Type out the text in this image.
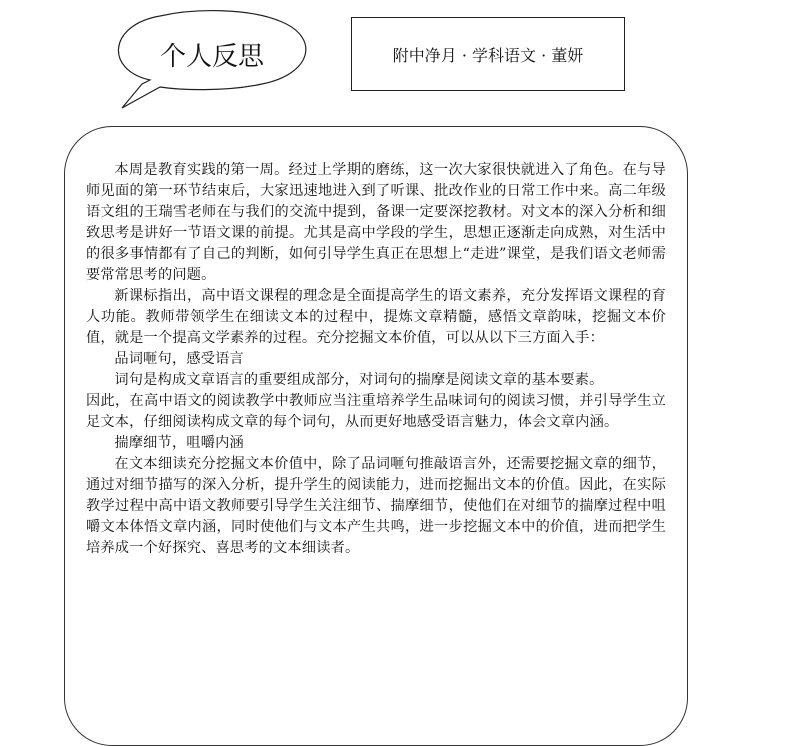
个人反思	附中净月 · 学科语文 · 董妍

本周是教育实践的第一周。经过上学期的磨练，这一次大家很快就进入了角色。在与导师见面的第一环节结束后，大家迅速地进入到了听课、批改作业的日常工作中来。高二年级语文组的王瑞雪老师在与我们的交流中提到，备课一定要深挖教材。对文本的深入分析和细致思考是讲好一节语文课的前提。尤其是高中学段的学生，思想正逐渐走向成熟，对生活中的很多事情都有了自己的判断，如何引导学生真正在思想上“走进”课堂，是我们语文老师需要常常思考的问题。

新课标指出，高中语文课程的理念是全面提高学生的语文素养，充分发挥语文课程的育人功能。教师带领学生在细读文本的过程中，提炼文章精髓，感悟文章韵味，挖掘文本价值，就是一个提高文学素养的过程。充分挖掘文本价值，可以从以下三方面入手：

品词咂句，感受语言

词句是构成文章语言的重要组成部分，对词句的揣摩是阅读文章的基本要素。

因此，在高中语文的阅读教学中教师应当注重培养学生品味词句的阅读习惯，并引导学生立足文本，仔细阅读构成文章的每个词句，从而更好地感受语言魅力，体会文章内涵。

揣摩细节，咀嚼内涵

在文本细读充分挖掘文本价值中，除了品词咂句推敲语言外，还需要挖掘文章的细节，通过对细节描写的深入分析，提升学生的阅读能力，进而挖掘出文本的价值。因此，在实际教学过程中高中语文教师要引导学生关注细节、揣摩细节，使他们在对细节的揣摩过程中咀嚼文本体悟文章内涵，同时使他们与文本产生共鸣，进一步挖掘文本中的价值，进而把学生培养成一个好探究、喜思考的文本细读者。
